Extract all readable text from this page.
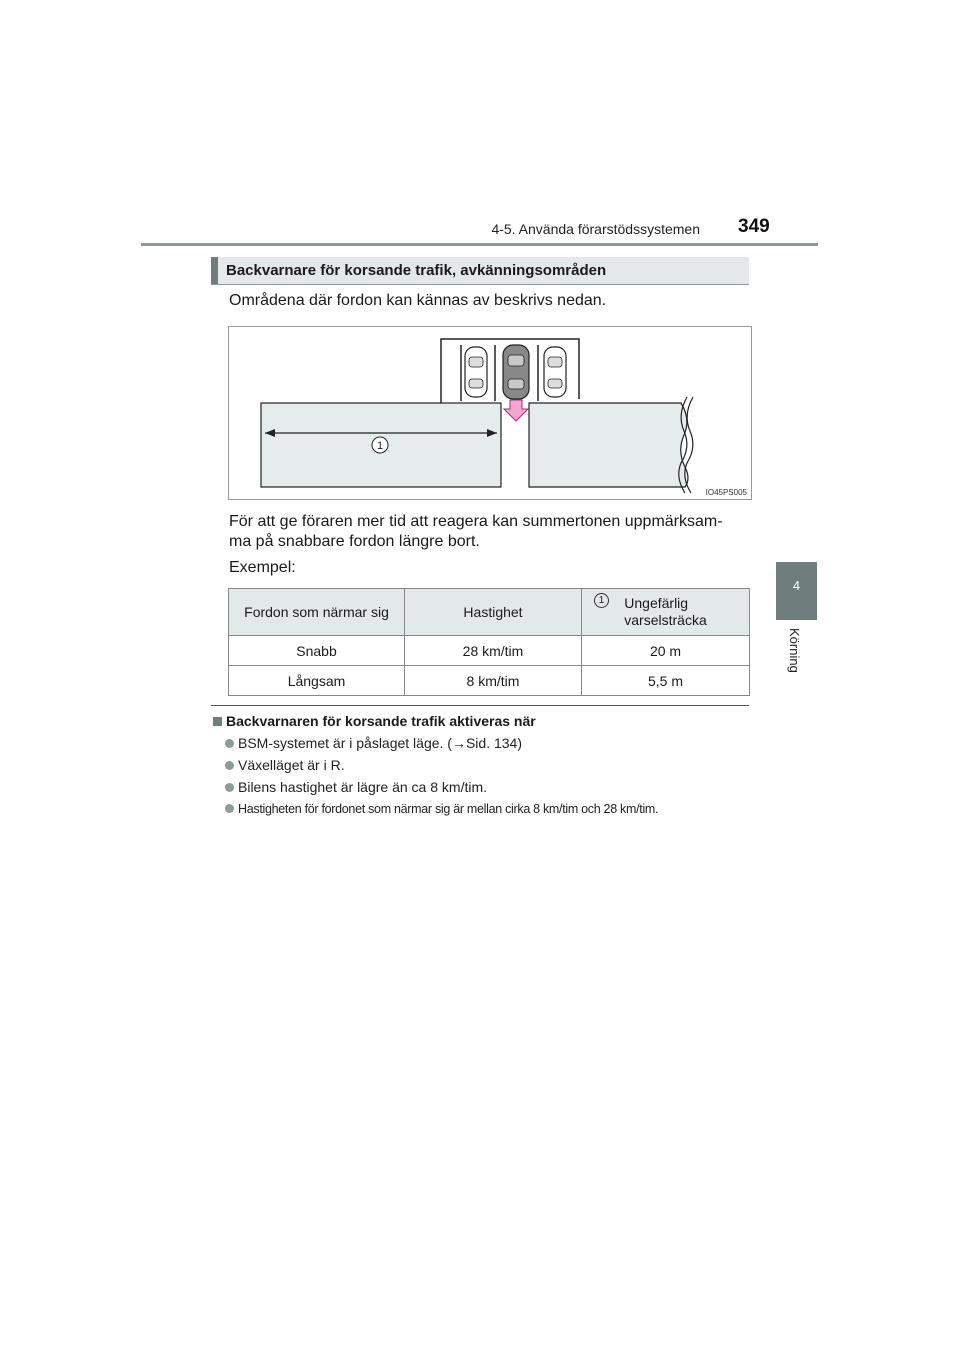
4-5. Använda förarstödssystemen 349
4
Körning
Backvarnare för korsande trafik, avkänningsområden
Områdena där fordon kan kännas av beskrivs nedan.
1
IO45PS005
För att ge föraren mer tid att reagera kan summertonen uppmärksam-
ma på snabbare fordon längre bort.
Exempel:
Fordon som närmar sig	Hastighet	1 Ungefärlig
varselsträcka
Snabb	28 km/tim	20 m
Långsam	8 km/tim	5,5 m
Backvarnaren för korsande trafik aktiveras när
BSM-systemet är i påslaget läge. (→Sid. 134)
Växelläget är i R.
Bilens hastighet är lägre än ca 8 km/tim.
Hastigheten för fordonet som närmar sig är mellan cirka 8 km/tim och 28 km/tim.
